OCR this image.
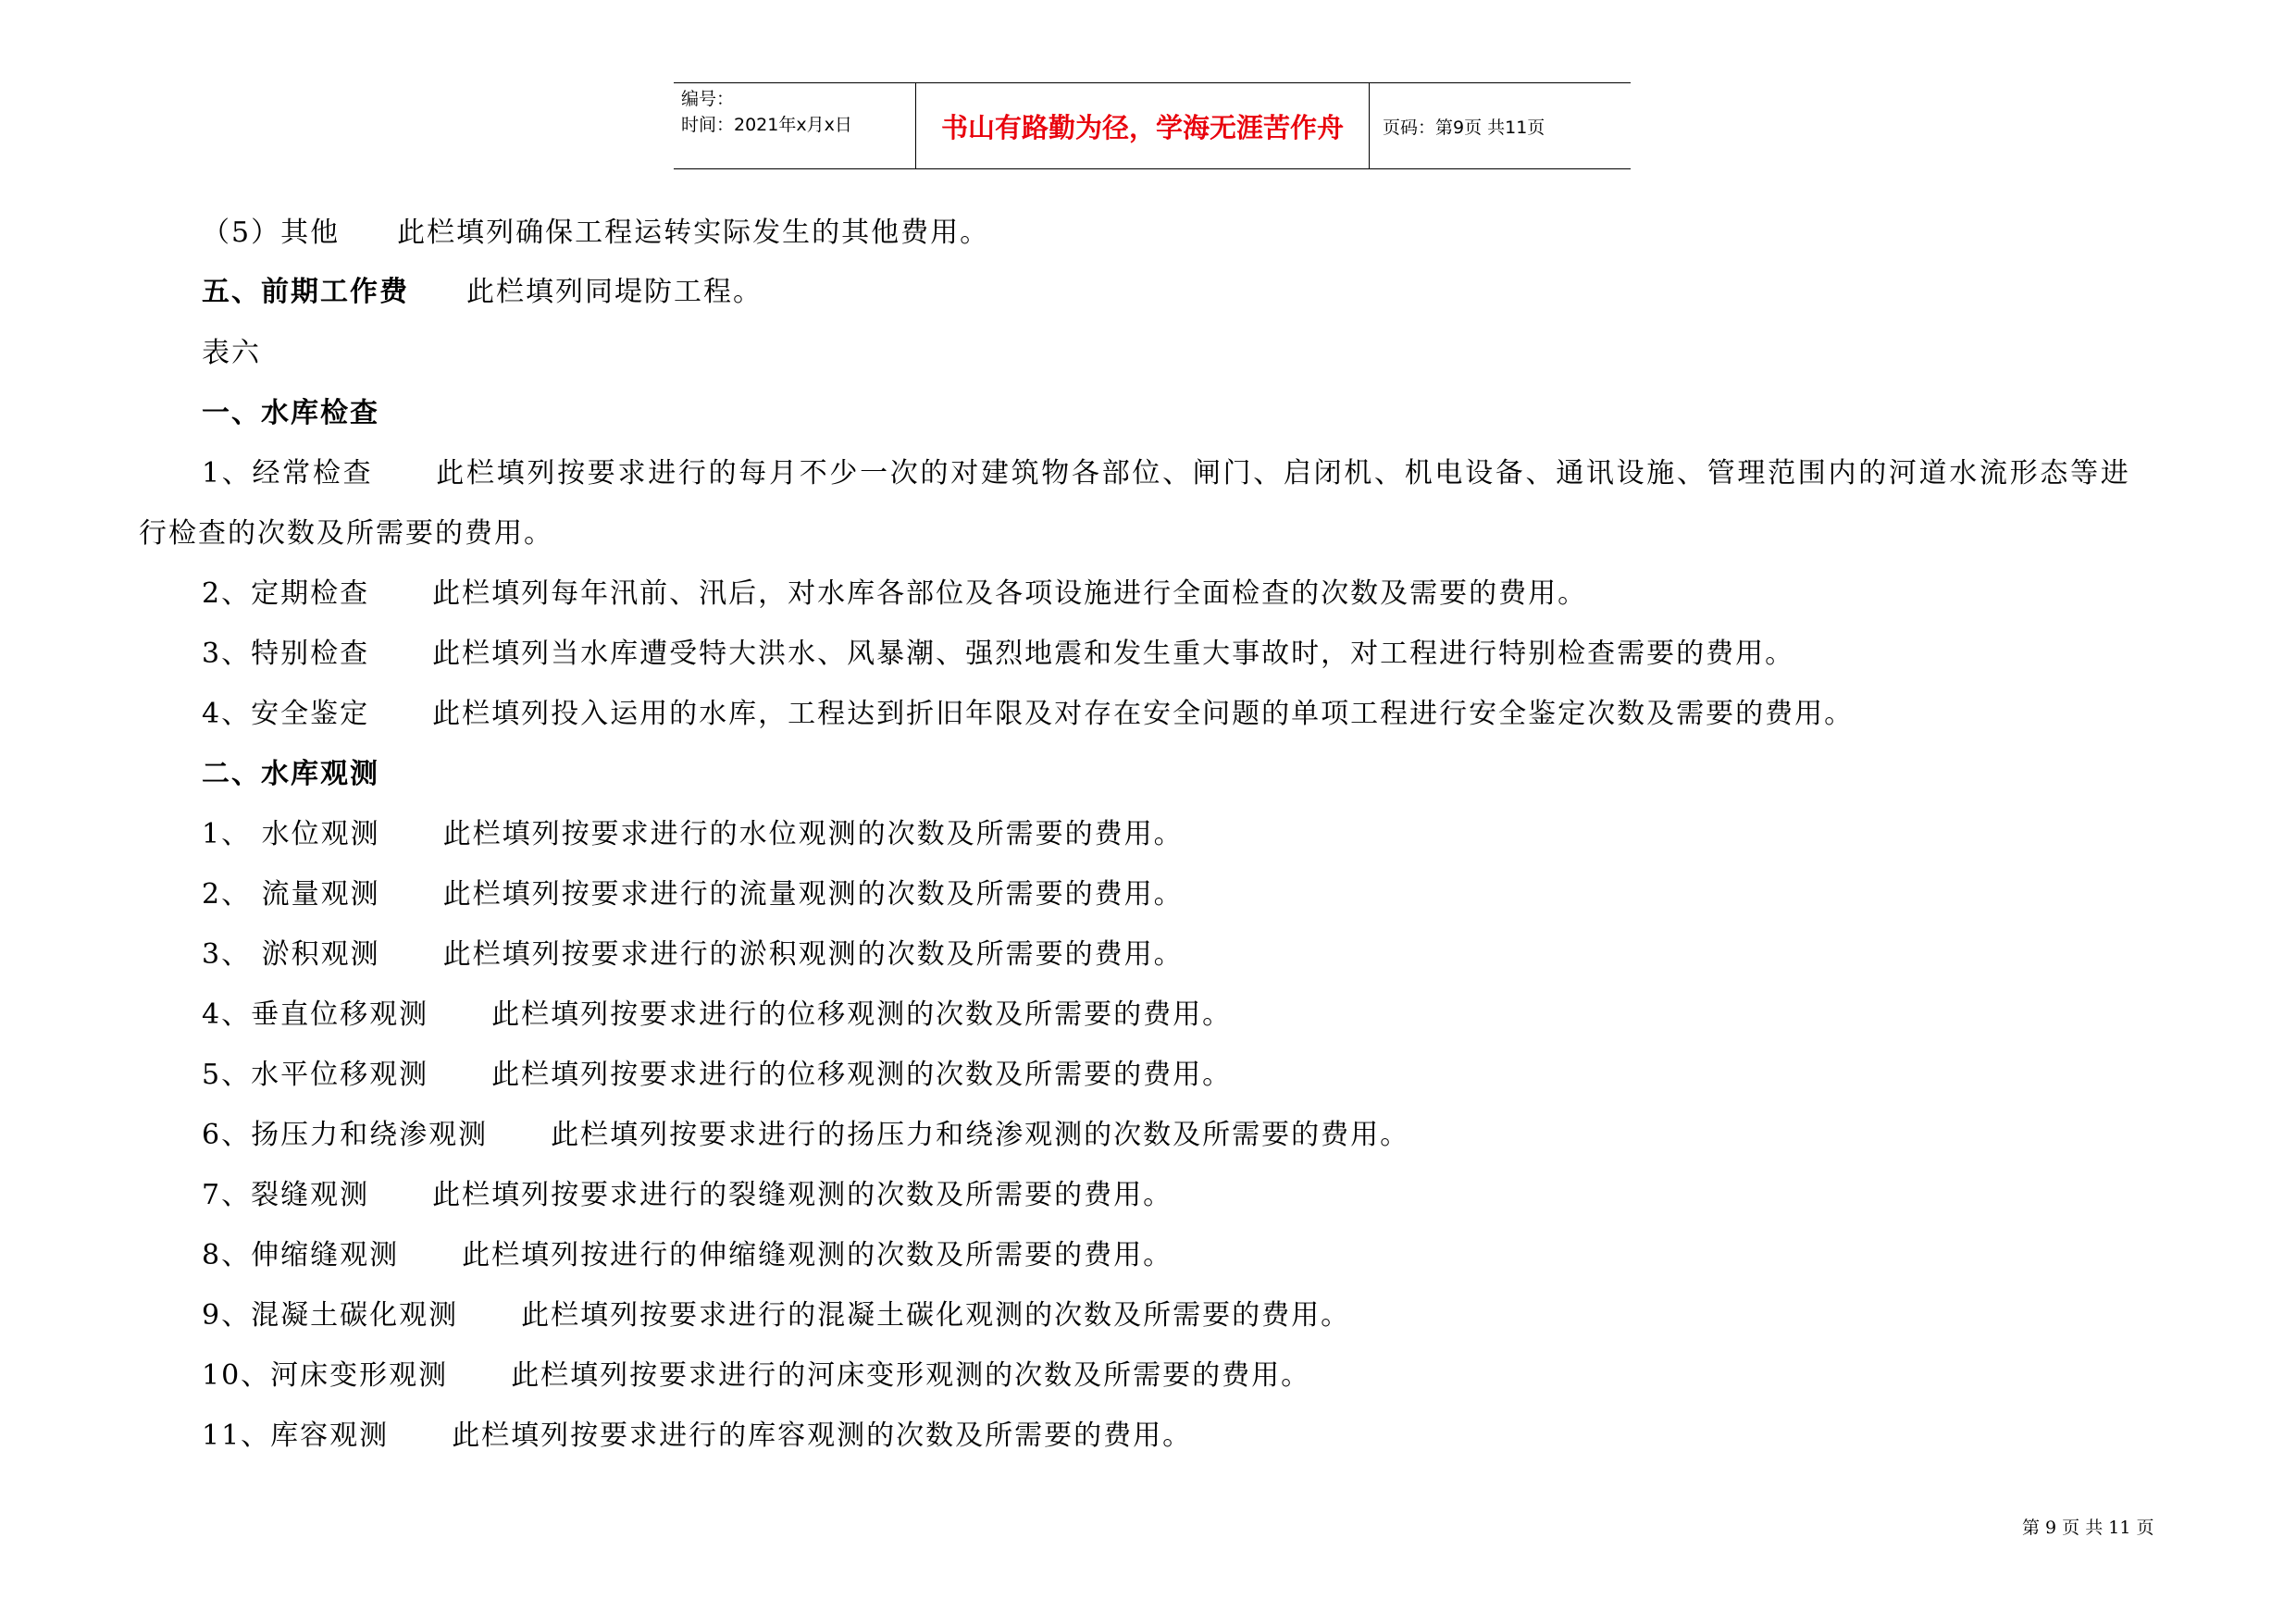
编号：
时间：2021年x月x日	书山有路勤为径，学海无涯苦作舟	页码：第9页 共11页
（5）其他 此栏填列确保工程运转实际发生的其他费用。
五、前期工作费 此栏填列同堤防工程。
表六
一、水库检查
1、经常检查 此栏填列按要求进行的每月不少一次的对建筑物各部位、闸门、启闭机、机电设备、通讯设施、管理范围内的河道水流形态等进
行检查的次数及所需要的费用。
2、定期检查 此栏填列每年汛前、汛后，对水库各部位及各项设施进行全面检查的次数及需要的费用。
3、特别检查 此栏填列当水库遭受特大洪水、风暴潮、强烈地震和发生重大事故时，对工程进行特别检查需要的费用。
4、安全鉴定 此栏填列投入运用的水库，工程达到折旧年限及对存在安全问题的单项工程进行安全鉴定次数及需要的费用。
二、水库观测
1、 水位观测 此栏填列按要求进行的水位观测的次数及所需要的费用。
2、 流量观测 此栏填列按要求进行的流量观测的次数及所需要的费用。
3、 淤积观测 此栏填列按要求进行的淤积观测的次数及所需要的费用。
4、垂直位移观测 此栏填列按要求进行的位移观测的次数及所需要的费用。
5、水平位移观测 此栏填列按要求进行的位移观测的次数及所需要的费用。
6、扬压力和绕渗观测 此栏填列按要求进行的扬压力和绕渗观测的次数及所需要的费用。
7、裂缝观测 此栏填列按要求进行的裂缝观测的次数及所需要的费用。
8、伸缩缝观测 此栏填列按进行的伸缩缝观测的次数及所需要的费用。
9、混凝土碳化观测 此栏填列按要求进行的混凝土碳化观测的次数及所需要的费用。
10、河床变形观测 此栏填列按要求进行的河床变形观测的次数及所需要的费用。
11、库容观测 此栏填列按要求进行的库容观测的次数及所需要的费用。
第 9 页 共 11 页
